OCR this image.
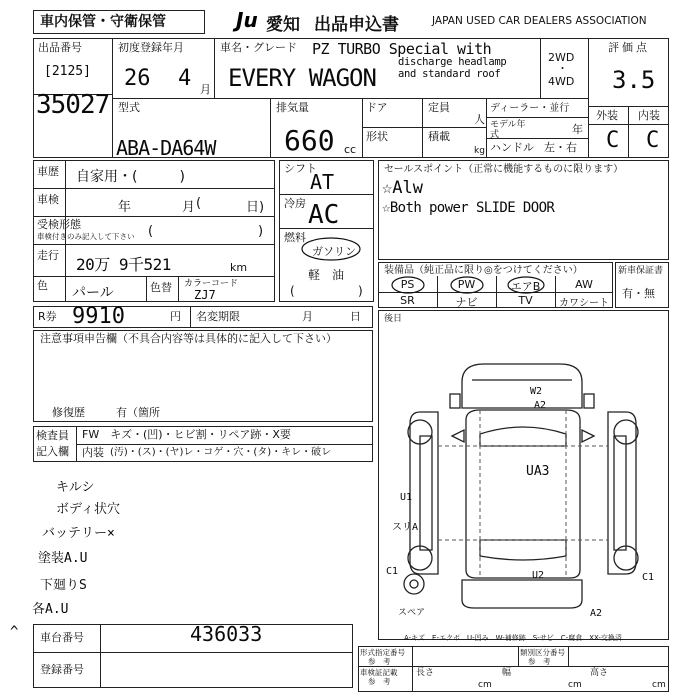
車内保管・守衛保管	Ju 愛知 出品申込書	JAPAN USED CAR DEALERS ASSOCIATION
出品番号
[2125]
35027
初度登録年月
26 4 月
車名・グレード PZ TURBO Special with
discharge headlamp
and standard roof
EVERY WAGON
2WD
・
4WD
評価点
3.5
外装 内装
C C
型式
ABA-DA64W
排気量
660 cc
ドア
形状
定員
人
積載
kg
ディーラー・並行
モデル年式	年
ハンドル 左・右
車歴 自家用・(　　　)
車検
年	(
月	日)
受検形態
車検付きのみ記入して下さい (	)
走行 20万 9千521	km
色 パール	色替 カラーコード
ZJ7
R券 9910	円 名変期限	月	日
シフト
AT
冷房 AC
燃料
ガソリン
軽　油
(	)
セールスポイント（正常に機能するものに限ります）
☆Alw
☆Both power SLIDE DOOR
装備品（純正品に限り◎をつけてください）
PS	PW	エアB	AW
SR	ナビ	TV	カワシート
新車保証書
有・無
注意事項申告欄（不具合内容等は具体的に記入して下さい）
修復歴	有（箇所
後日
検査員
記入欄
FW　キズ・(凹)・ヒビ割・リペア跡・X要
内装 (汚)・(ス)・(ヤ)レ・コゲ・穴・(タ)・キレ・破レ
キルシ
ボディ状穴
バッテリー×
塗装A.U
下廻りS
各A.U
W2
A2
UA3
U1
スリA
C1	U2	C1
A2
スペア
A-キズ　E-エクボ　U-凹み　W-補修跡　S-サビ　C-腐食　XX-交換済
^ 車台番号	436033
登録番号
形式指定番号
参　考
類別区分番号
参　考
車検証記載
参　考
長さ	幅	高さ
cm	cm	cm
